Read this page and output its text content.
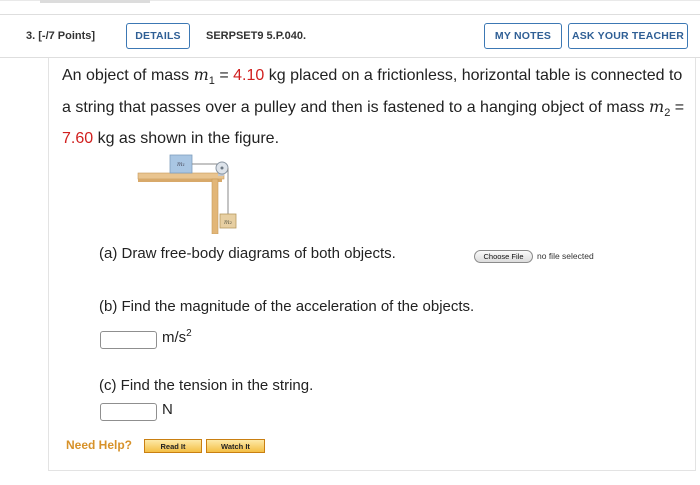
3. [-/7 Points]	DETAILS	SERPSET9 5.P.040.	MY NOTES	ASK YOUR TEACHER
An object of mass $m_1 = 4.10$ kg placed on a frictionless, horizontal table is connected to a string that passes over a pulley and then is fastened to a hanging object of mass $m_2 = 7.60$ kg as shown in the figure.
m₁
m₂
(a) Draw free-body diagrams of both objects.	Choose File	no file selected
(b) Find the magnitude of the acceleration of the objects.
$m/s^2$
(c) Find the tension in the string.
N
Need Help?	Read It	Watch It
